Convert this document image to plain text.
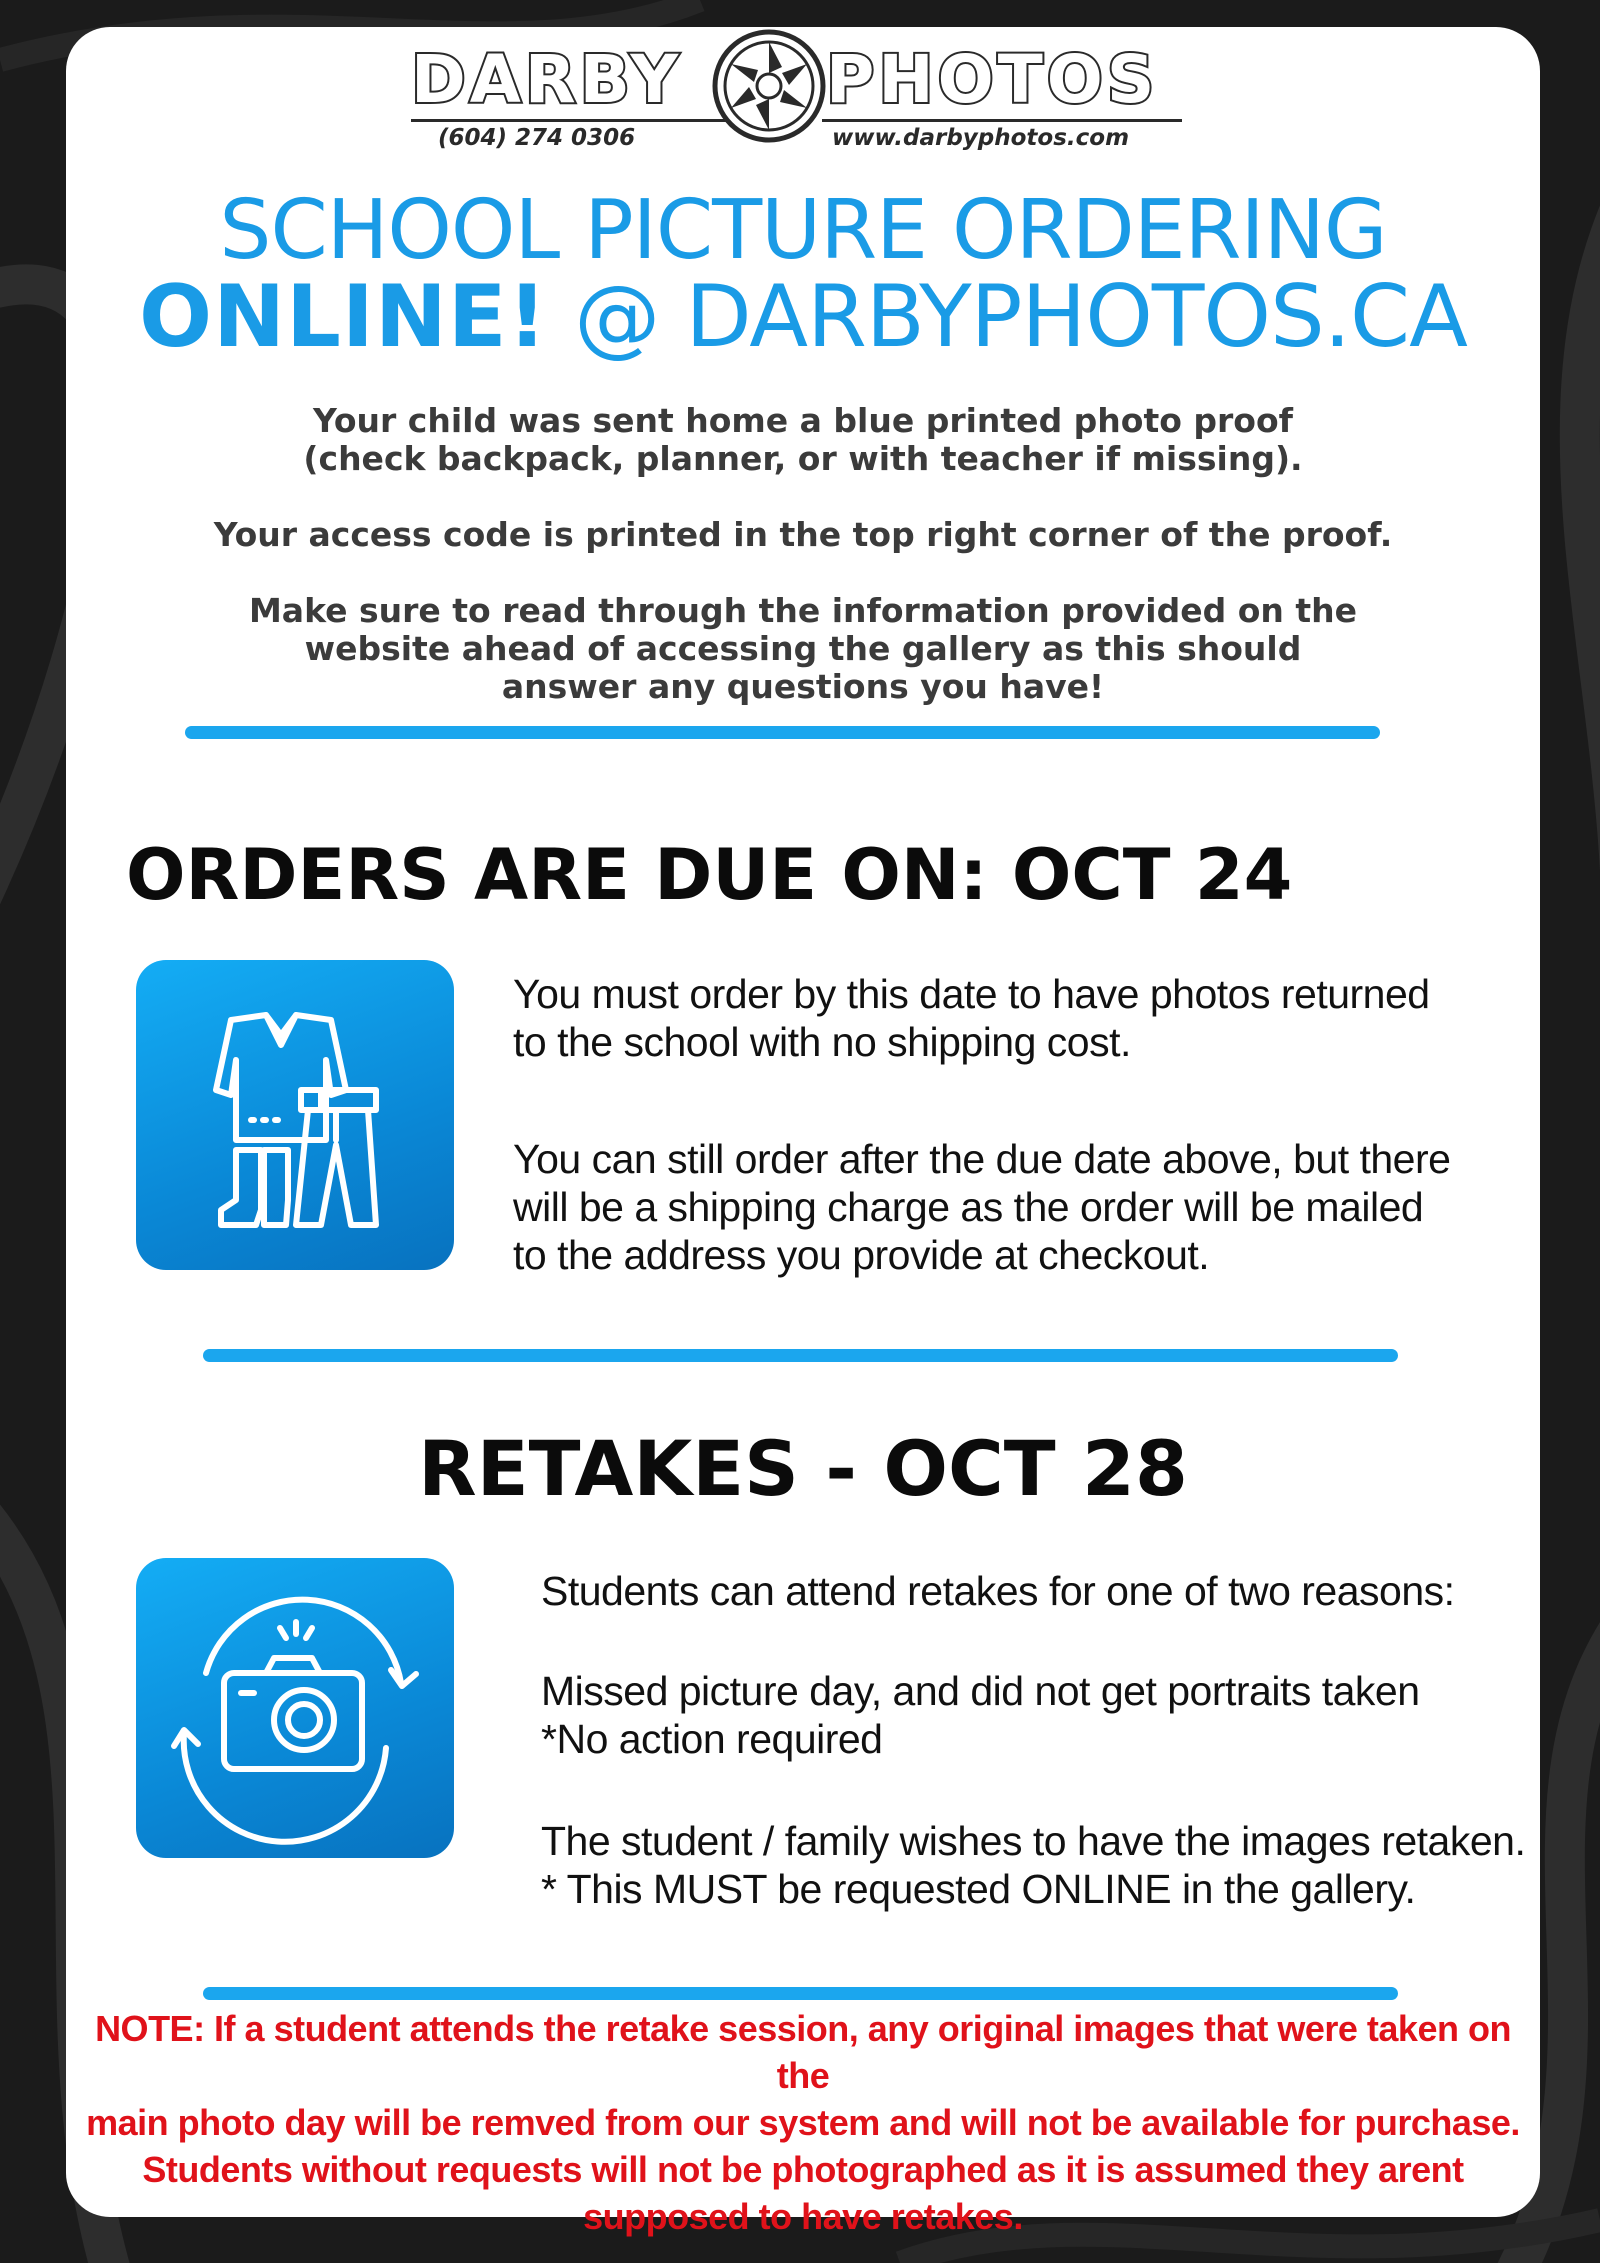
DARBY PHOTOS
(604) 274 0306	www.darbyphotos.com
SCHOOL PICTURE ORDERING
ONLINE! @ DARBYPHOTOS.CA
Your child was sent home a blue printed photo proof
(check backpack, planner, or with teacher if missing).
Your access code is printed in the top right corner of the proof.
Make sure to read through the information provided on the
website ahead of accessing the gallery as this should
answer any questions you have!
ORDERS ARE DUE ON: OCT 24
You must order by this date to have photos returned
to the school with no shipping cost.
You can still order after the due date above, but there
will be a shipping charge as the order will be mailed
to the address you provide at checkout.
RETAKES - OCT 28
Students can attend retakes for one of two reasons:
Missed picture day, and did not get portraits taken
*No action required
The student / family wishes to have the images retaken.
* This MUST be requested ONLINE in the gallery.
NOTE: If a student attends the retake session, any original images that were taken on the
main photo day will be remved from our system and will not be available for purchase.
Students without requests will not be photographed as it is assumed they arent
supposed to have retakes.
